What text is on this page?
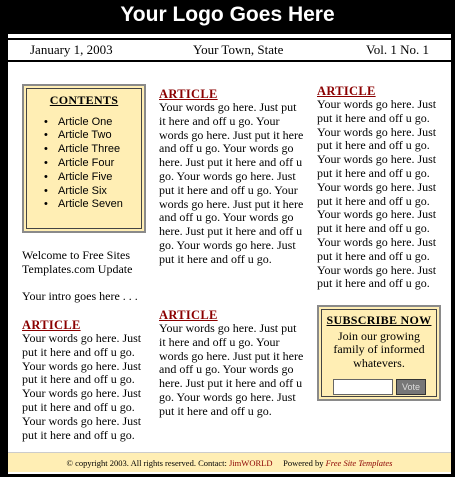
Your Logo Goes Here
January 1, 2003	Your Town, State	Vol. 1 No. 1
CONTENTS
• Article One
• Article Two
• Article Three
• Article Four
• Article Five
• Article Six
• Article Seven
Welcome to Free Sites Templates.com Update
Your intro goes here . . .
ARTICLE
Your words go here. Just put it here and off u go. Your words go here. Just put it here and off u go. Your words go here. Just put it here and off u go. Your words go here. Just put it here and off u go.
ARTICLE
Your words go here. Just put it here and off u go. Your words go here. Just put it here and off u go. Your words go here. Just put it here and off u go. Your words go here. Just put it here and off u go. Your words go here. Just put it here and off u go. Your words go here. Just put it here and off u go. Your words go here. Just put it here and off u go.
ARTICLE
Your words go here. Just put it here and off u go. Your words go here. Just put it here and off u go. Your words go here. Just put it here and off u go. Your words go here. Just put it here and off u go.
ARTICLE
Your words go here. Just put it here and off u go. Your words go here. Just put it here and off u go. Your words go here. Just put it here and off u go. Your words go here. Just put it here and off u go. Your words go here. Just put it here and off u go. Your words go here. Just put it here and off u go. Your words go here. Just put it here and off u go.
SUBSCRIBE NOW

Join our growing family of informed whatevers.

Vote
© copyright 2003. All rights reserved. Contact: JimWORLD Powered by Free Site Templates
